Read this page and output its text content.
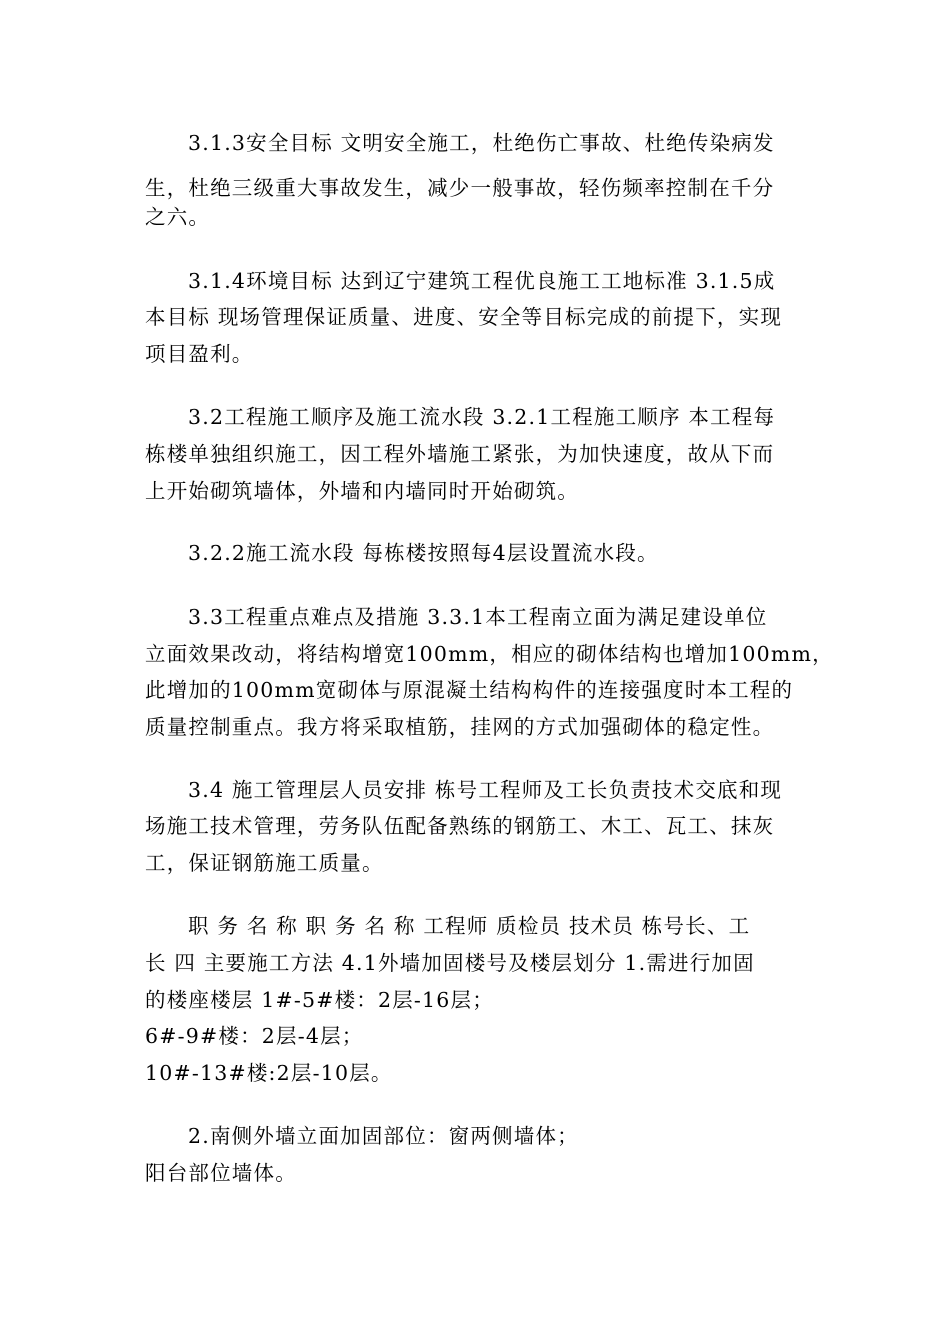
3.1.3安全目标 文明安全施工，杜绝伤亡事故、杜绝传染病发
生，杜绝三级重大事故发生，减少一般事故，轻伤频率控制在千分
之六。
3.1.4环境目标 达到辽宁建筑工程优良施工工地标准 3.1.5成
本目标 现场管理保证质量、进度、安全等目标完成的前提下，实现
项目盈利。
3.2工程施工顺序及施工流水段 3.2.1工程施工顺序 本工程每
栋楼单独组织施工，因工程外墙施工紧张，为加快速度，故从下而
上开始砌筑墙体，外墙和内墙同时开始砌筑。
3.2.2施工流水段 每栋楼按照每4层设置流水段。
3.3工程重点难点及措施 3.3.1本工程南立面为满足建设单位
立面效果改动，将结构增宽100mm，相应的砌体结构也增加100mm，
此增加的100mm宽砌体与原混凝土结构构件的连接强度时本工程的
质量控制重点。我方将采取植筋，挂网的方式加强砌体的稳定性。
3.4 施工管理层人员安排 栋号工程师及工长负责技术交底和现
场施工技术管理，劳务队伍配备熟练的钢筋工、木工、瓦工、抹灰
工，保证钢筋施工质量。
职 务 名 称 职 务 名 称 工程师 质检员 技术员 栋号长、工
长 四 主要施工方法 4.1外墙加固楼号及楼层划分 1.需进行加固
的楼座楼层 1#-5#楼：2层-16层；
6#-9#楼：2层-4层；
10#-13#楼:2层-10层。
2.南侧外墙立面加固部位：窗两侧墙体；
阳台部位墙体。
